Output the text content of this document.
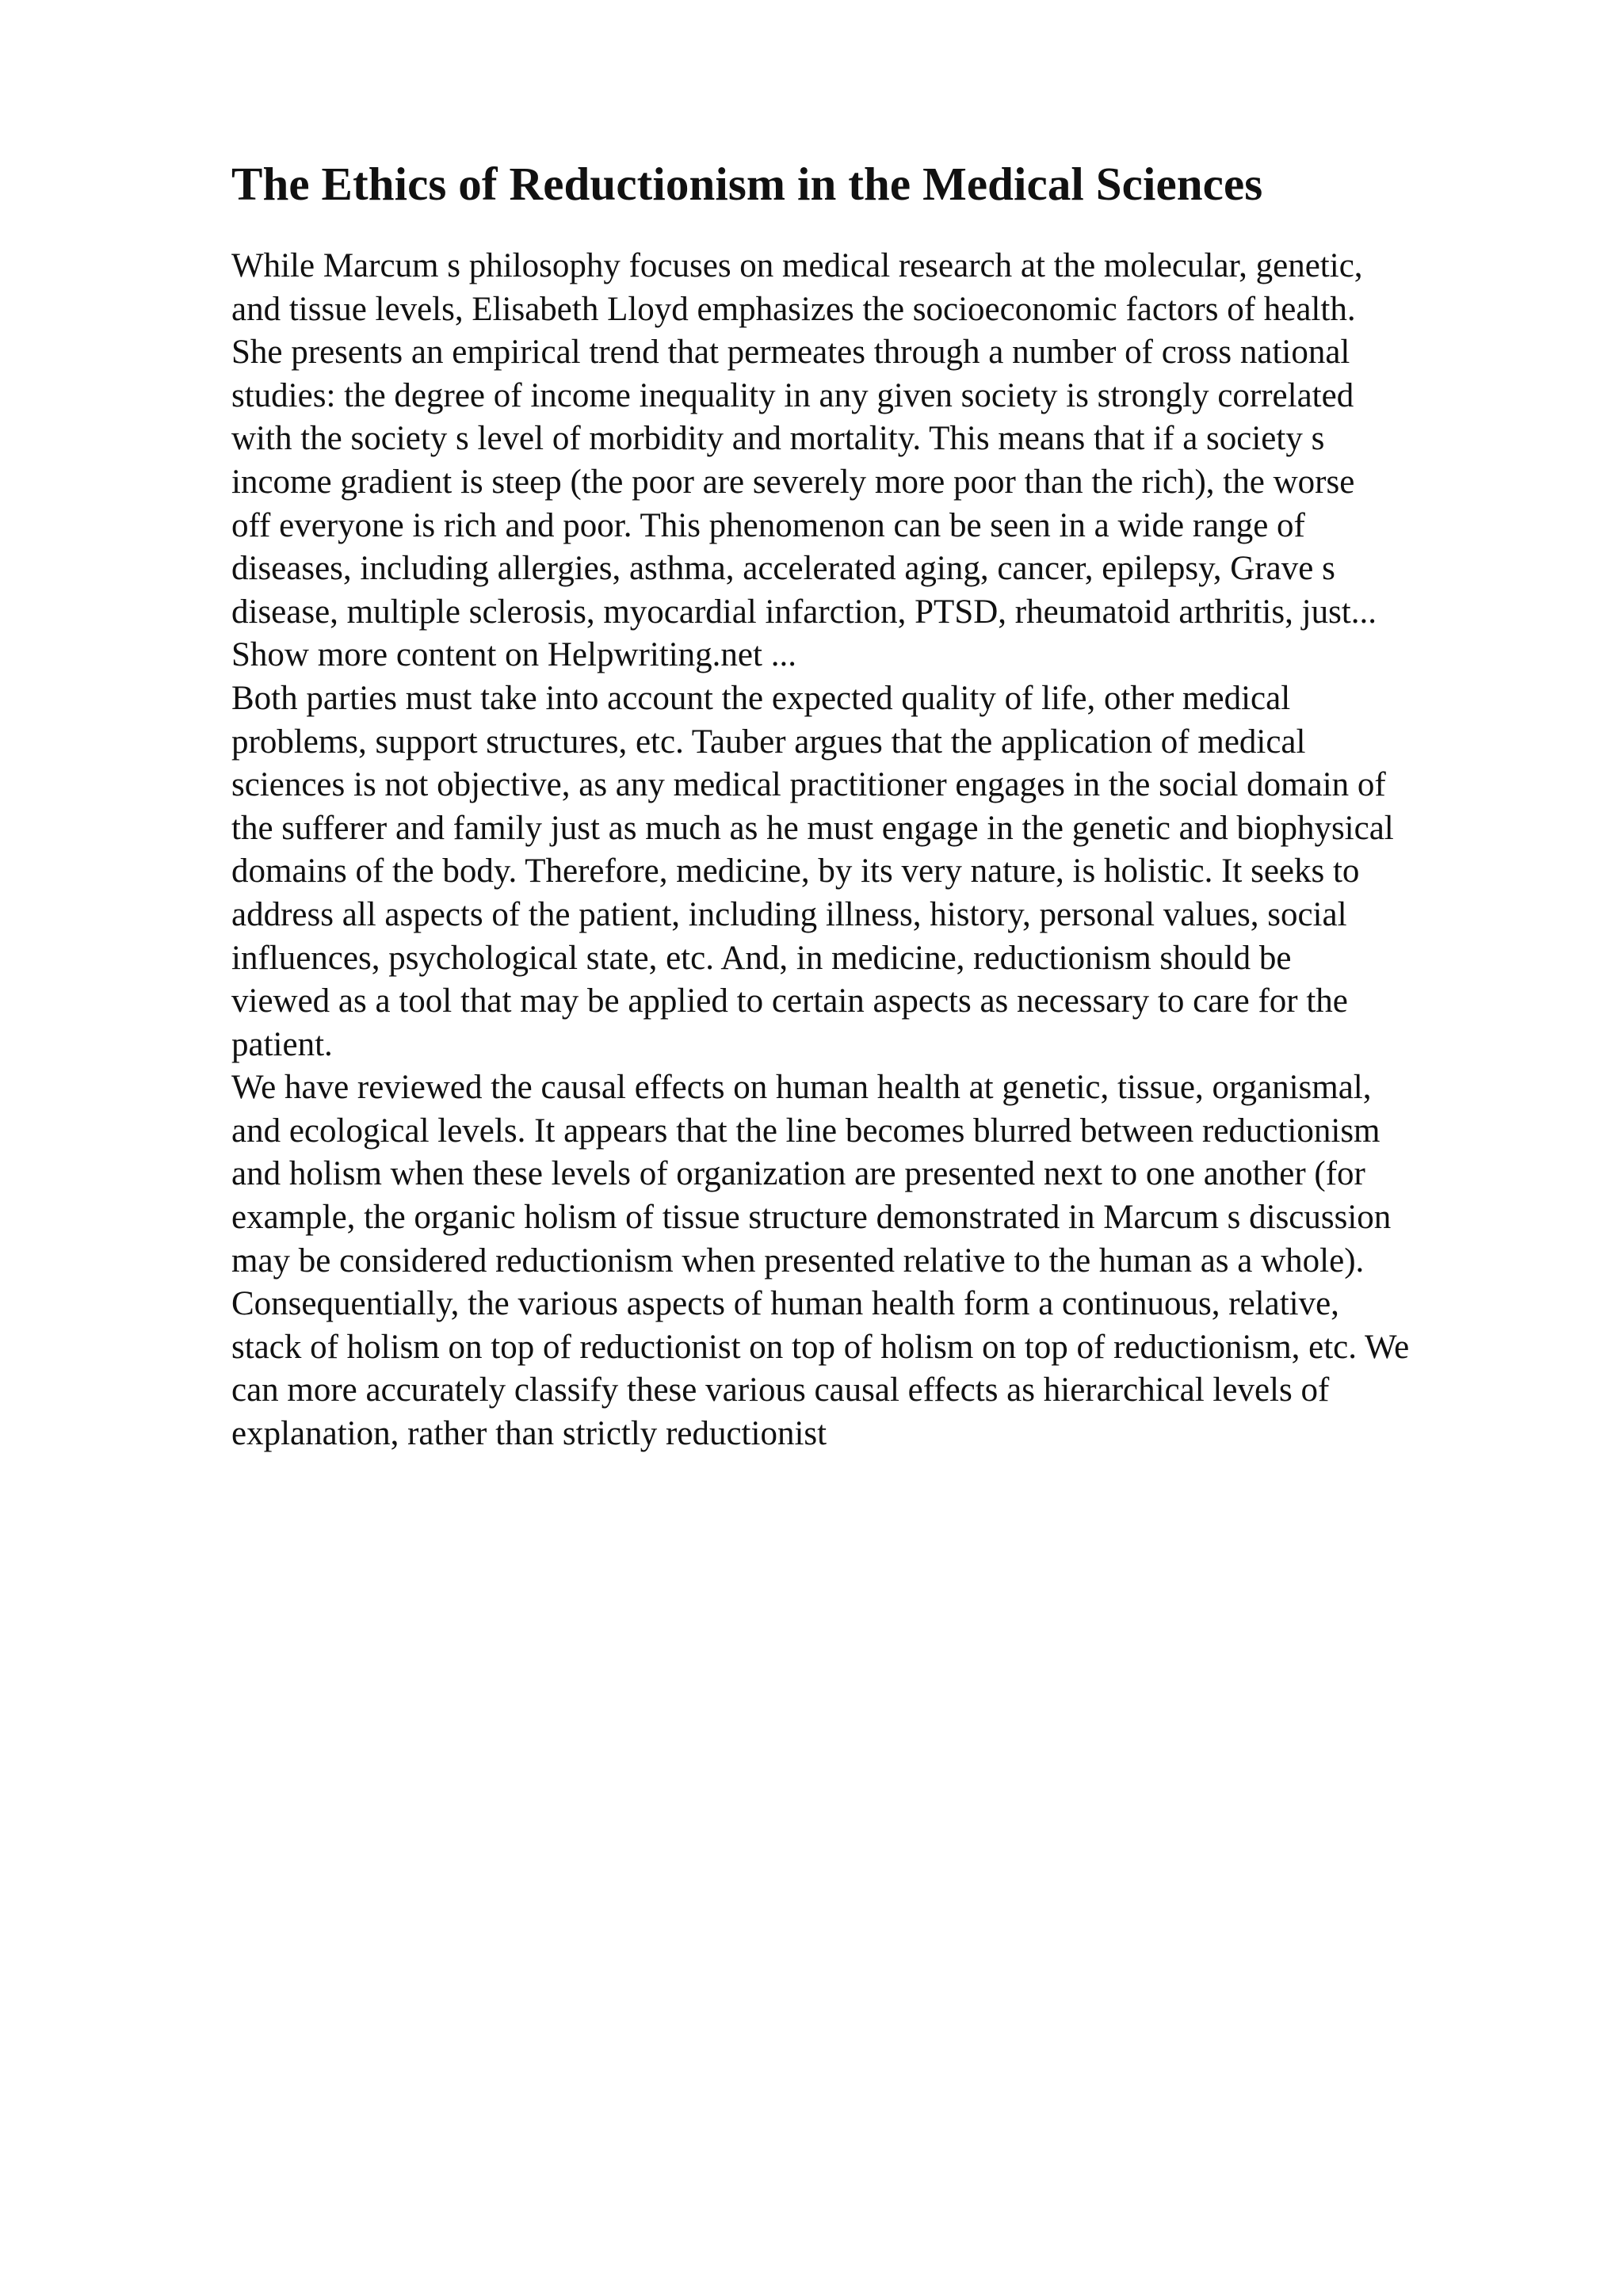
The Ethics of Reductionism in the Medical Sciences
While Marcum s philosophy focuses on medical research at the molecular, genetic,
and tissue levels, Elisabeth Lloyd emphasizes the socioeconomic factors of health.
She presents an empirical trend that permeates through a number of cross national
studies: the degree of income inequality in any given society is strongly correlated
with the society s level of morbidity and mortality. This means that if a society s
income gradient is steep (the poor are severely more poor than the rich), the worse
off everyone is rich and poor. This phenomenon can be seen in a wide range of
diseases, including allergies, asthma, accelerated aging, cancer, epilepsy, Grave s
disease, multiple sclerosis, myocardial infarction, PTSD, rheumatoid arthritis, just...
Show more content on Helpwriting.net ...
Both parties must take into account the expected quality of life, other medical
problems, support structures, etc. Tauber argues that the application of medical
sciences is not objective, as any medical practitioner engages in the social domain of
the sufferer and family just as much as he must engage in the genetic and biophysical
domains of the body. Therefore, medicine, by its very nature, is holistic. It seeks to
address all aspects of the patient, including illness, history, personal values, social
influences, psychological state, etc. And, in medicine, reductionism should be
viewed as a tool that may be applied to certain aspects as necessary to care for the
patient.
We have reviewed the causal effects on human health at genetic, tissue, organismal,
and ecological levels. It appears that the line becomes blurred between reductionism
and holism when these levels of organization are presented next to one another (for
example, the organic holism of tissue structure demonstrated in Marcum s discussion
may be considered reductionism when presented relative to the human as a whole).
Consequentially, the various aspects of human health form a continuous, relative,
stack of holism on top of reductionist on top of holism on top of reductionism, etc. We
can more accurately classify these various causal effects as hierarchical levels of
explanation, rather than strictly reductionist
